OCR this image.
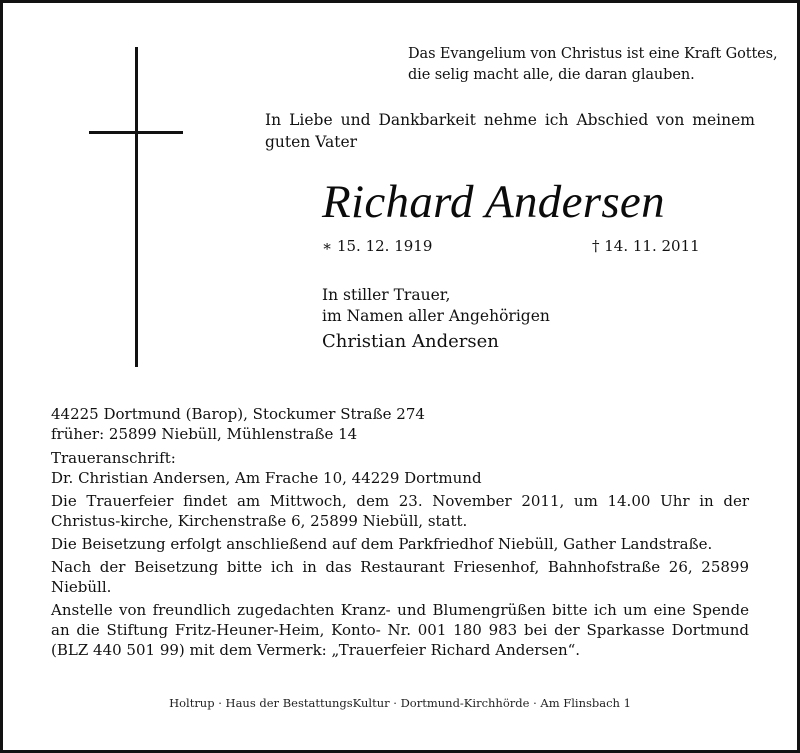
Das Evangelium von Christus ist eine Kraft Gottes,
die selig macht alle, die daran glauben.
In Liebe und Dankbarkeit nehme ich Abschied von meinem guten Vater
Richard Andersen
∗ 15. 12. 1919	† 14. 11. 2011
In stiller Trauer,
im Namen aller Angehörigen
Christian Andersen
44225 Dortmund (Barop), Stockumer Straße 274
früher: 25899 Niebüll, Mühlenstraße 14
Traueranschrift:
Dr. Christian Andersen, Am Frache 10, 44229 Dortmund
Die Trauerfeier findet am Mittwoch, dem 23. November 2011, um 14.00 Uhr in der Christus-kirche, Kirchenstraße 6, 25899 Niebüll, statt.
Die Beisetzung erfolgt anschließend auf dem Parkfriedhof Niebüll, Gather Landstraße.
Nach der Beisetzung bitte ich in das Restaurant Friesenhof, Bahnhofstraße 26, 25899 Niebüll.
Anstelle von freundlich zugedachten Kranz- und Blumengrüßen bitte ich um eine Spende an die Stiftung Fritz-Heuner-Heim, Konto- Nr. 001 180 983 bei der Sparkasse Dortmund (BLZ 440 501 99) mit dem Vermerk: „Trauerfeier Richard Andersen“.
Holtrup · Haus der BestattungsKultur · Dortmund-Kirchhörde · Am Flinsbach 1
